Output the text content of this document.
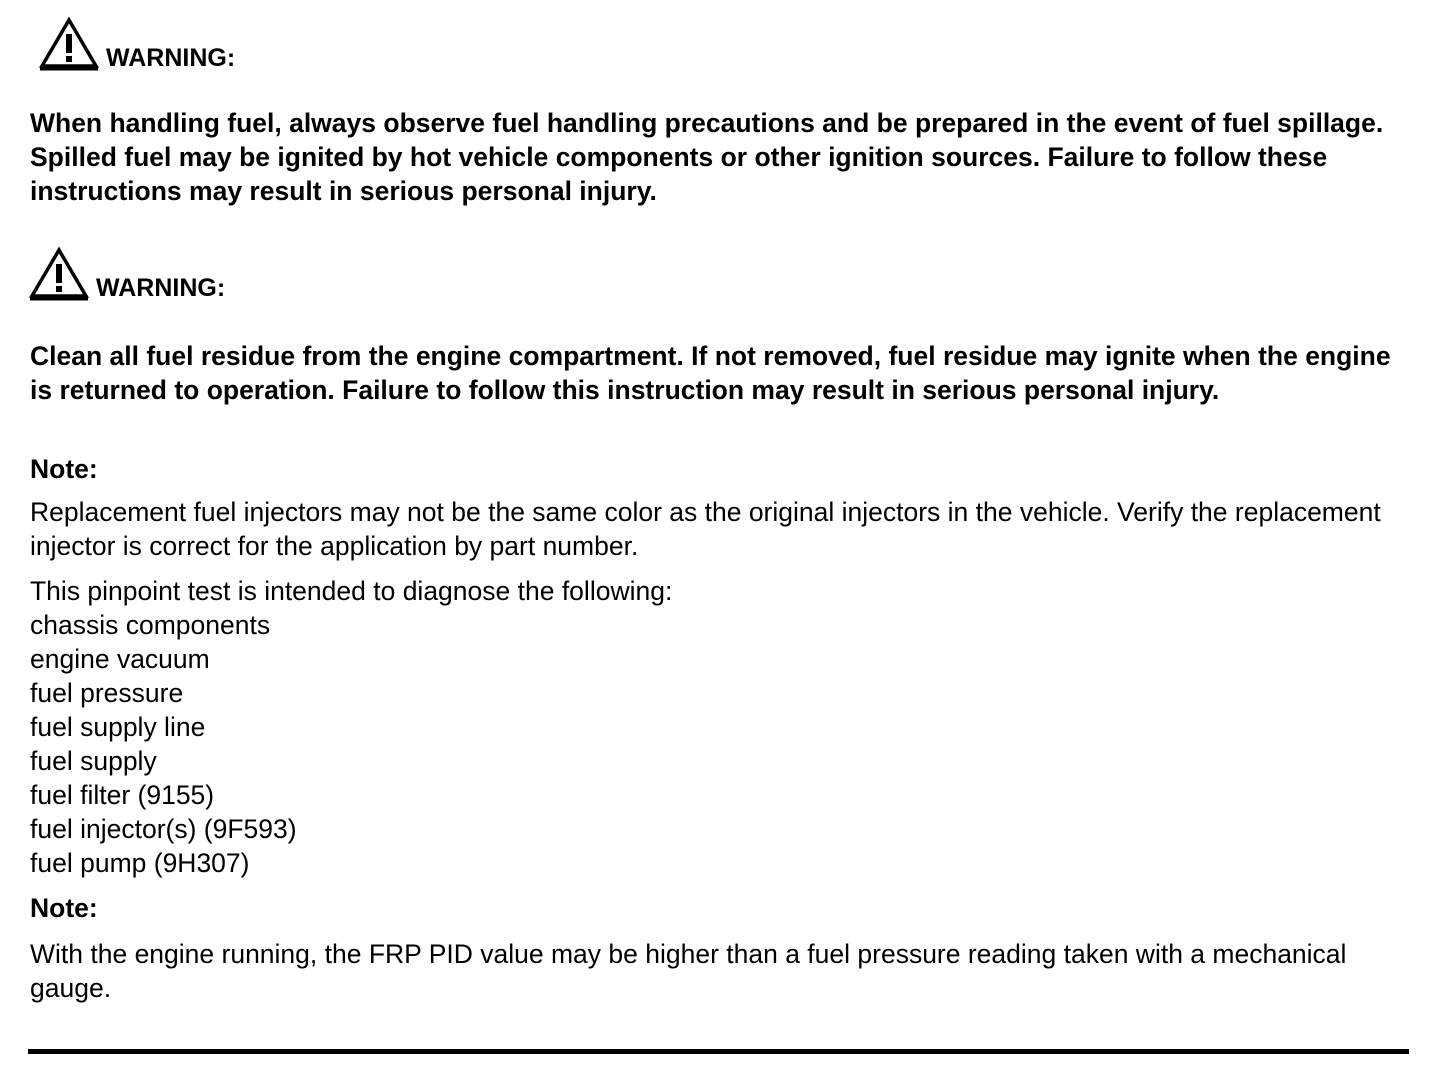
WARNING:

When handling fuel, always observe fuel handling precautions and be prepared in the event of fuel spillage. Spilled fuel may be ignited by hot vehicle components or other ignition sources. Failure to follow these instructions may result in serious personal injury.

WARNING:

Clean all fuel residue from the engine compartment. If not removed, fuel residue may ignite when the engine is returned to operation. Failure to follow this instruction may result in serious personal injury.

Note:

Replacement fuel injectors may not be the same color as the original injectors in the vehicle. Verify the replacement injector is correct for the application by part number.

This pinpoint test is intended to diagnose the following:
chassis components
engine vacuum
fuel pressure
fuel supply line
fuel supply
fuel filter (9155)
fuel injector(s) (9F593)
fuel pump (9H307)
Note:

With the engine running, the FRP PID value may be higher than a fuel pressure reading taken with a mechanical gauge.
